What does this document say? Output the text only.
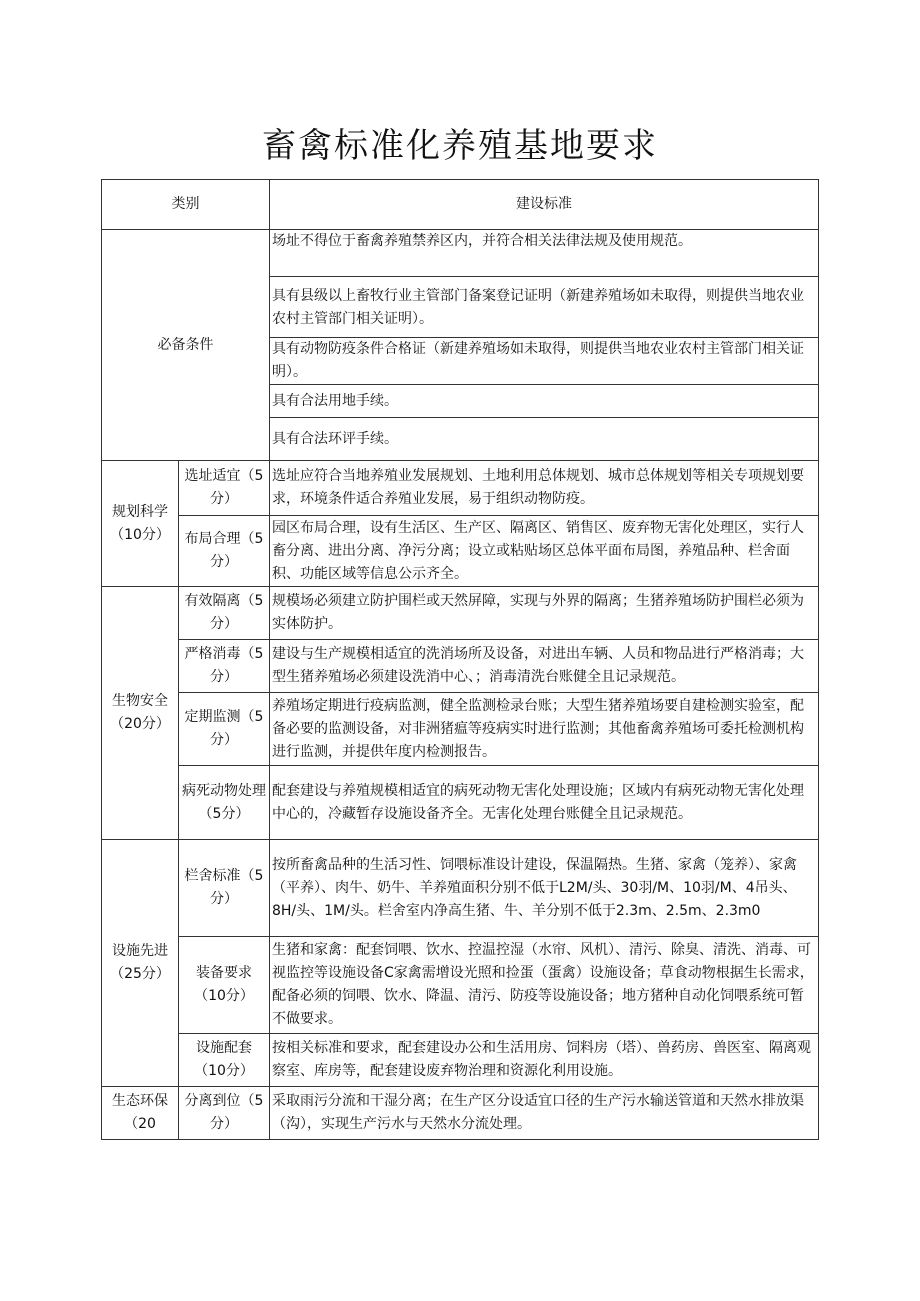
畜禽标准化养殖基地要求
类别		建设标准
必备条件		场址不得位于畜禽养殖禁养区内，并符合相关法律法规及使用规范。
		具有县级以上畜牧行业主管部门备案登记证明（新建养殖场如未取得，则提供当地农业农村主管部门相关证明）。
		具有动物防疫条件合格证（新建养殖场如未取得，则提供当地农业农村主管部门相关证明）。
		具有合法用地手续。
		具有合法环评手续。
规划科学（10分）	选址适宜（5分）	选址应符合当地养殖业发展规划、土地利用总体规划、城市总体规划等相关专项规划要求，环境条件适合养殖业发展，易于组织动物防疫。
	布局合理（5分）	园区布局合理，设有生活区、生产区、隔离区、销售区、废弃物无害化处理区，实行人畜分离、进出分离、净污分离；设立或粘贴场区总体平面布局图，养殖品种、栏舍面积、功能区域等信息公示齐全。
生物安全（20分）	有效隔离（5分）	规模场必须建立防护围栏或天然屏障，实现与外界的隔离；生猪养殖场防护围栏必须为实体防护。
	严格消毒（5分）	建设与生产规模相适宜的洗消场所及设备，对进出车辆、人员和物品进行严格消毒；大型生猪养殖场必须建设洗消中心、；消毒清洗台账健全且记录规范。
	定期监测（5分）	养殖场定期进行疫病监测，健全监测检录台账；大型生猪养殖场要自建检测实验室，配备必要的监测设备，对非洲猪瘟等疫病实时进行监测；其他畜禽养殖场可委托检测机构进行监测，并提供年度内检测报告。
	病死动物处理（5分）	配套建设与养殖规模相适宜的病死动物无害化处理设施；区域内有病死动物无害化处理中心的，冷藏暂存设施设备齐全。无害化处理台账健全且记录规范。
设施先进（25分）	栏舍标准（5分）	按所畜禽品种的生活习性、饲喂标准设计建设，保温隔热。生猪、家禽（笼养）、家禽（平养）、肉牛、奶牛、羊养殖面积分别不低于L2M/头、30羽/M、10羽/M、4吊头、8H/头、1M/头。栏舍室内净高生猪、牛、羊分别不低于2.3m、2.5m、2.3m0
	装备要求（10分）	生猪和家禽：配套饲喂、饮水、控温控湿（水帘、风机）、清污、除臭、清洗、消毒、可视监控等设施设备C家禽需增设光照和捡蛋（蛋禽）设施设备；草食动物根据生长需求，配备必须的饲喂、饮水、降温、清污、防疫等设施设备；地方猪种自动化饲喂系统可暂不做要求。
	设施配套（10分）	按相关标准和要求，配套建设办公和生活用房、饲料房（塔）、兽药房、兽医室、隔离观察室、库房等，配套建设废弃物治理和资源化利用设施。
生态环保（20	分离到位（5分）	采取雨污分流和干湿分离；在生产区分设适宜口径的生产污水输送管道和天然水排放渠（沟），实现生产污水与天然水分流处理。
